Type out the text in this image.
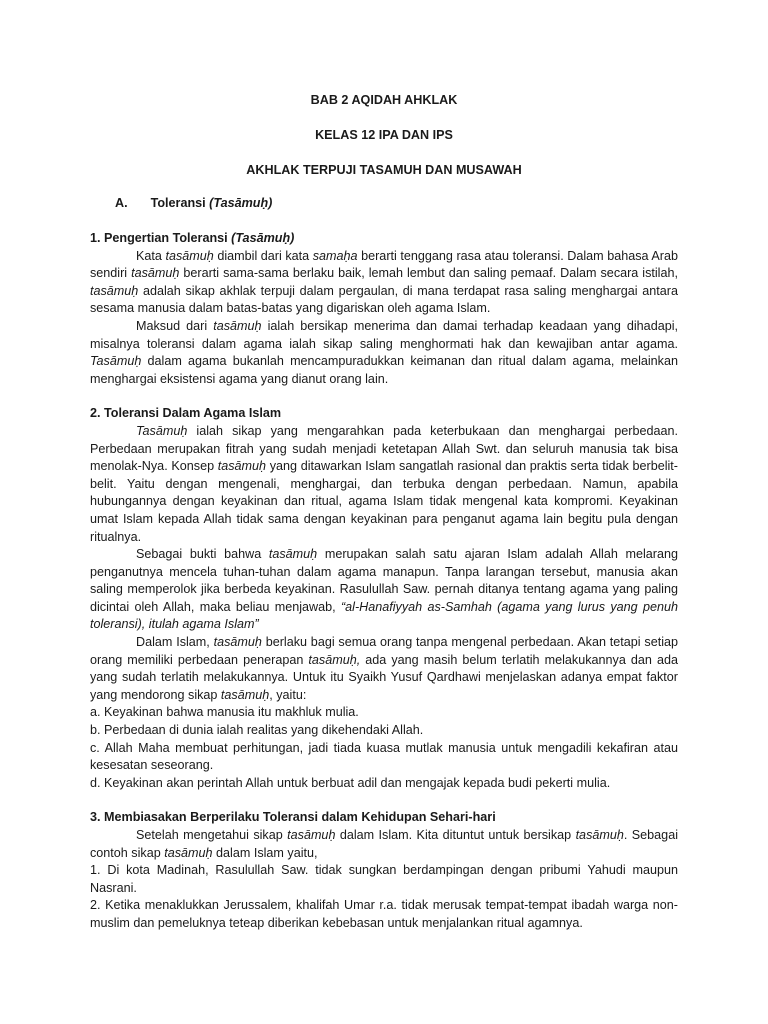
BAB 2 AQIDAH AHKLAK
KELAS 12 IPA DAN IPS
AKHLAK TERPUJI TASAMUH DAN MUSAWAH
A. Toleransi (Tasāmuḥ)
1. Pengertian Toleransi (Tasāmuḥ)

Kata tasāmuḥ diambil dari kata samaḥa berarti tenggang rasa atau toleransi. Dalam bahasa Arab sendiri tasāmuḥ berarti sama-sama berlaku baik, lemah lembut dan saling pemaaf. Dalam secara istilah, tasāmuḥ adalah sikap akhlak terpuji dalam pergaulan, di mana terdapat rasa saling menghargai antara sesama manusia dalam batas-batas yang digariskan oleh agama Islam.

Maksud dari tasāmuḥ ialah bersikap menerima dan damai terhadap keadaan yang dihadapi, misalnya toleransi dalam agama ialah sikap saling menghormati hak dan kewajiban antar agama. Tasāmuḥ dalam agama bukanlah mencampuradukkan keimanan dan ritual dalam agama, melainkan menghargai eksistensi agama yang dianut orang lain.

2. Toleransi Dalam Agama Islam

Tasāmuḥ ialah sikap yang mengarahkan pada keterbukaan dan menghargai perbedaan. Perbedaan merupakan fitrah yang sudah menjadi ketetapan Allah Swt. dan seluruh manusia tak bisa menolak-Nya. Konsep tasāmuḥ yang ditawarkan Islam sangatlah rasional dan praktis serta tidak berbelit-belit. Yaitu dengan mengenali, menghargai, dan terbuka dengan perbedaan. Namun, apabila hubungannya dengan keyakinan dan ritual, agama Islam tidak mengenal kata kompromi. Keyakinan umat Islam kepada Allah tidak sama dengan keyakinan para penganut agama lain begitu pula dengan ritualnya.

Sebagai bukti bahwa tasāmuḥ merupakan salah satu ajaran Islam adalah Allah melarang penganutnya mencela tuhan-tuhan dalam agama manapun. Tanpa larangan tersebut, manusia akan saling memperolok jika berbeda keyakinan. Rasulullah Saw. pernah ditanya tentang agama yang paling dicintai oleh Allah, maka beliau menjawab, “al-Hanafiyyah as-Samhah (agama yang lurus yang penuh toleransi), itulah agama Islam”

Dalam Islam, tasāmuḥ berlaku bagi semua orang tanpa mengenal perbedaan. Akan tetapi setiap orang memiliki perbedaan penerapan tasāmuḥ, ada yang masih belum terlatih melakukannya dan ada yang sudah terlatih melakukannya. Untuk itu Syaikh Yusuf Qardhawi menjelaskan adanya empat faktor yang mendorong sikap tasāmuḥ, yaitu:

a. Keyakinan bahwa manusia itu makhluk mulia.

b. Perbedaan di dunia ialah realitas yang dikehendaki Allah.

c. Allah Maha membuat perhitungan, jadi tiada kuasa mutlak manusia untuk mengadili kekafiran atau kesesatan seseorang.

d. Keyakinan akan perintah Allah untuk berbuat adil dan mengajak kepada budi pekerti mulia.

3. Membiasakan Berperilaku Toleransi dalam Kehidupan Sehari-hari

Setelah mengetahui sikap tasāmuḥ dalam Islam. Kita dituntut untuk bersikap tasāmuḥ. Sebagai contoh sikap tasāmuḥ dalam Islam yaitu,

1. Di kota Madinah, Rasulullah Saw. tidak sungkan berdampingan dengan pribumi Yahudi maupun Nasrani.

2. Ketika menaklukkan Jerussalem, khalifah Umar r.a. tidak merusak tempat-tempat ibadah warga non-muslim dan pemeluknya teteap diberikan kebebasan untuk menjalankan ritual agamnya.
